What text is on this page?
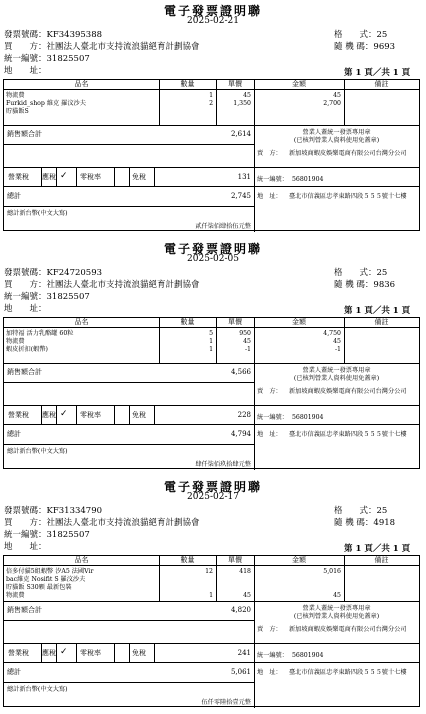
電子發票證明聯
2025-02-21
發票號碼：KF34395388	格　　式：25
買　　方：社團法人臺北市支持流浪貓絕育計劃協會	隨 機 碼：9693
統一編號：31825507
地　　址：	第 1 頁／共 1 頁
品名	數量	單價	金額	備註
物流費	1	45	45
Furkid_shop 維克 羅汶沙夫	2	1,350	2,700
貯貓飯S
銷售額合計	2,614	營業人蓋統一發票專用章
(已核判營業人資料使用免蓋章)
賣　方： 新加坡商蝦皮娛樂電商有限公司台灣分公司
營業稅 應稅 ✓ 零稅率	免稅	131
總計	2,745
統一編號： 56801904
地　址： 臺北市信義區忠孝東路四段５５５號十七樓
總計新台幣(中文大寫)
貳仟柒佰肆拾伍元整
電子發票證明聯
2025-02-05
發票號碼：KF24720593	格　　式：25
買　　方：社團法人臺北市支持流浪貓絕育計劃協會	隨 機 碼：9836
統一編號：31825507
地　　址：	第 1 頁／共 1 頁
品名	數量	單價	金額	備註
加特福 活力乳酪罐 60粒	5	950	4,750
物流費	1	45	45
蝦皮折扣(蝦幣)	1	-1	-1
銷售額合計	4,566	營業人蓋統一發票專用章
(已核判營業人資料使用免蓋章)
賣　方： 新加坡商蝦皮娛樂電商有限公司台灣分公司
營業稅 應稅 ✓ 零稅率	免稅	228
總計	4,794
統一編號： 56801904
地　址： 臺北市信義區忠孝東路四段５５５號十七樓
總計新台幣(中文大寫)
肆仟柒佰玖拾肆元整
電子發票證明聯
2025-02-17
發票號碼：KF31334790	格　　式：25
買　　方：社團法人臺北市支持流浪貓絕育計劃協會	隨 機 碼：4918
統一編號：31825507
地　　址：	第 1 頁／共 1 頁
品名	數量	單價	金額	備註
倍多付貓5組蝦幣 汐A5 法國Vir	12	418	5,016
bac維克 Nosifit S 羅汶沙夫
貯貓飯 S30顆 最新包裝
物流費	1	45	45
銷售額合計	4,820	營業人蓋統一發票專用章
(已核判營業人資料使用免蓋章)
賣　方： 新加坡商蝦皮娛樂電商有限公司台灣分公司
營業稅 應稅 ✓ 零稅率	免稅	241
總計	5,061
統一編號： 56801904
地　址： 臺北市信義區忠孝東路四段５５５號十七樓
總計新台幣(中文大寫)
伍仟零陸拾壹元整
